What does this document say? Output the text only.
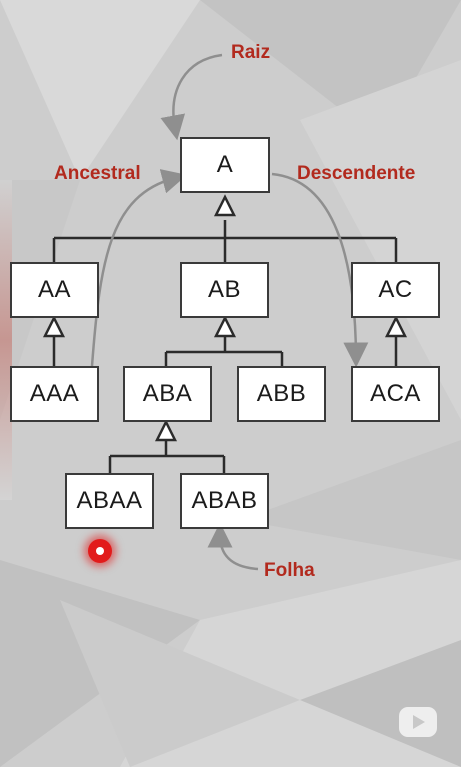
Raiz
Ancestral	Descendente
Folha
A
AA	AB	AC
AAA	ABA	ABB	ACA
ABAA	ABAB
